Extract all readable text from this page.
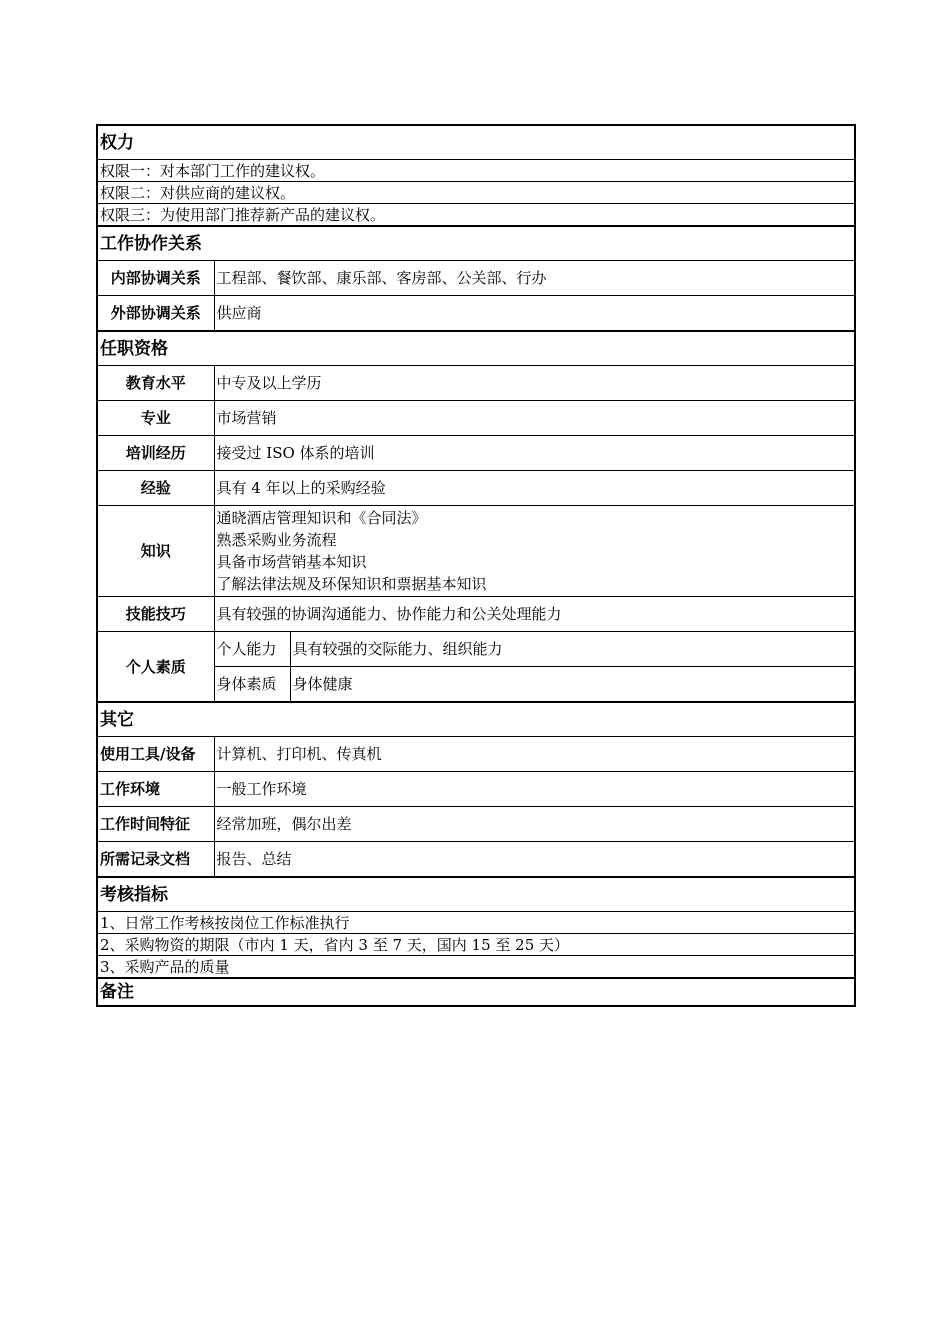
权力		
权限一：对本部门工作的建议权。		
权限二：对供应商的建议权。		
权限三：为使用部门推荐新产品的建议权。		
工作协作关系		
内部协调关系	工程部、餐饮部、康乐部、客房部、公关部、行办	
外部协调关系	供应商	
任职资格		
教育水平	中专及以上学历	
专业	市场营销	
培训经历	接受过 ISO 体系的培训	
经验	具有 4 年以上的采购经验	
知识	通晓酒店管理知识和《合同法》
熟悉采购业务流程
具备市场营销基本知识
了解法律法规及环保知识和票据基本知识	

技能技巧	具有较强的协调沟通能力、协作能力和公关处理能力	
个人素质	个人能力	具有较强的交际能力、组织能力
	身体素质	身体健康
其它		
使用工具/设备	计算机、打印机、传真机	
工作环境	一般工作环境	
工作时间特征	经常加班，偶尔出差	
所需记录文档	报告、总结	
考核指标		
1、日常工作考核按岗位工作标准执行		
2、采购物资的期限（市内 1 天，省内 3 至 7 天，国内 15 至 25 天）		
3、采购产品的质量		
备注		
